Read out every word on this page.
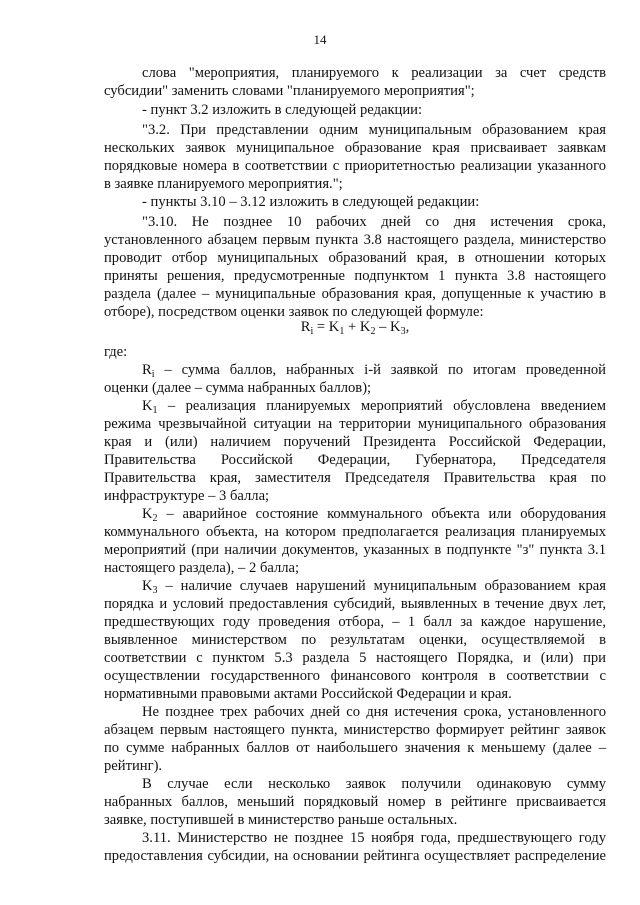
14
слова "мероприятия, планируемого к реализации за счет средств
субсидии" заменить словами "планируемого мероприятия";
- пункт 3.2 изложить в следующей редакции:
"3.2. При представлении одним муниципальным образованием края
нескольких заявок муниципальное образование края присваивает заявкам
порядковые номера в соответствии с приоритетностью реализации указанного
в заявке планируемого мероприятия.";
- пункты 3.10 – 3.12 изложить в следующей редакции:
"3.10. Не позднее 10 рабочих дней со дня истечения срока,
установленного абзацем первым пункта 3.8 настоящего раздела, министерство
проводит отбор муниципальных образований края, в отношении которых
приняты решения, предусмотренные подпунктом 1 пункта 3.8 настоящего
раздела (далее – муниципальные образования края, допущенные к участию в
отборе), посредством оценки заявок по следующей формуле:
$R_i = K_1 + K_2 - K_3$,
где:
$R_i$ – сумма баллов, набранных i-й заявкой по итогам проведенной
оценки (далее – сумма набранных баллов);
$K_1$ – реализация планируемых мероприятий обусловлена введением
режима чрезвычайной ситуации на территории муниципального образования
края и (или) наличием поручений Президента Российской Федерации,
Правительства Российской Федерации, Губернатора, Председателя
Правительства края, заместителя Председателя Правительства края по
инфраструктуре – 3 балла;
$K_2$ – аварийное состояние коммунального объекта или оборудования
коммунального объекта, на котором предполагается реализация планируемых
мероприятий (при наличии документов, указанных в подпункте "з" пункта 3.1
настоящего раздела), – 2 балла;
$K_3$ – наличие случаев нарушений муниципальным образованием края
порядка и условий предоставления субсидий, выявленных в течение двух лет,
предшествующих году проведения отбора, – 1 балл за каждое нарушение,
выявленное министерством по результатам оценки, осуществляемой в
соответствии с пунктом 5.3 раздела 5 настоящего Порядка, и (или) при
осуществлении государственного финансового контроля в соответствии с
нормативными правовыми актами Российской Федерации и края.
Не позднее трех рабочих дней со дня истечения срока, установленного
абзацем первым настоящего пункта, министерство формирует рейтинг заявок
по сумме набранных баллов от наибольшего значения к меньшему (далее –
рейтинг).
В случае если несколько заявок получили одинаковую сумму
набранных баллов, меньший порядковый номер в рейтинге присваивается
заявке, поступившей в министерство раньше остальных.
3.11. Министерство не позднее 15 ноября года, предшествующего году
предоставления субсидии, на основании рейтинга осуществляет распределение
